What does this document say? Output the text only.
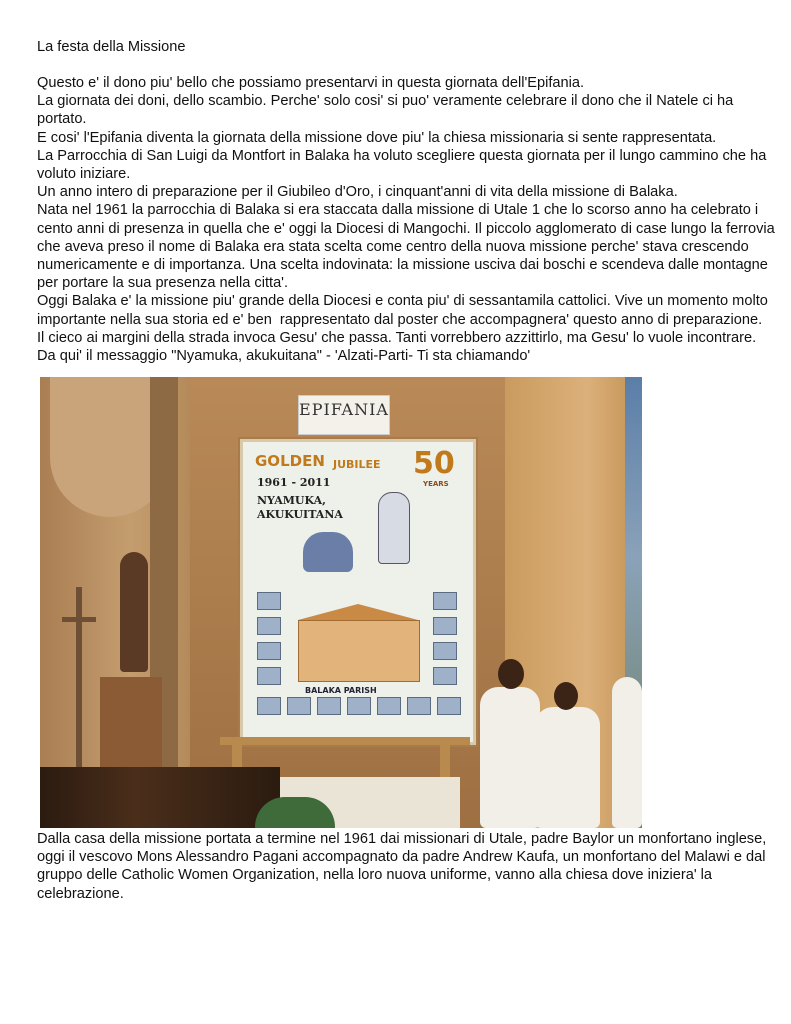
La festa della Missione
Questo e' il dono piu' bello che possiamo presentarvi in questa giornata dell'Epifania.
La giornata dei doni, dello scambio. Perche' solo cosi' si puo' veramente celebrare il dono che il Natele ci ha
portato.
E cosi' l'Epifania diventa la giornata della missione dove piu' la chiesa missionaria si sente rappresentata.
La Parrocchia di San Luigi da Montfort in Balaka ha voluto scegliere questa giornata per il lungo cammino che ha
voluto iniziare.
Un anno intero di preparazione per il Giubileo d'Oro, i cinquant'anni di vita della missione di Balaka.
Nata nel 1961 la parrocchia di Balaka si era staccata dalla missione di Utale 1 che lo scorso anno ha celebrato i
cento anni di presenza in quella che e' oggi la Diocesi di Mangochi. Il piccolo agglomerato di case lungo la ferrovia
che aveva preso il nome di Balaka era stata scelta come centro della nuova missione perche' stava crescendo
numericamente e di importanza. Una scelta indovinata: la missione usciva dai boschi e scendeva dalle montagne
per portare la sua presenza nella citta'.
Oggi Balaka e' la missione piu' grande della Diocesi e conta piu' di sessantamila cattolici. Vive un momento molto
importante nella sua storia ed e' ben  rappresentato dal poster che accompagnera' questo anno di preparazione.
Il cieco ai margini della strada invoca Gesu' che passa. Tanti vorrebbero azzittirlo, ma Gesu' lo vuole incontrare.
Da qui' il messaggio "Nyamuka, akukuitana" - 'Alzati-Parti- Ti sta chiamando'
EPIFANIA
GOLDEN JUBILEE 50
YEARS
1961 - 2011
NYAMUKA,
AKUKUITANA
BALAKA PARISH
Dalla casa della missione portata a termine nel 1961 dai missionari di Utale, padre Baylor un monfortano inglese,
oggi il vescovo Mons Alessandro Pagani accompagnato da padre Andrew Kaufa, un monfortano del Malawi e dal
gruppo delle Catholic Women Organization, nella loro nuova uniforme, vanno alla chiesa dove iniziera' la
celebrazione.
